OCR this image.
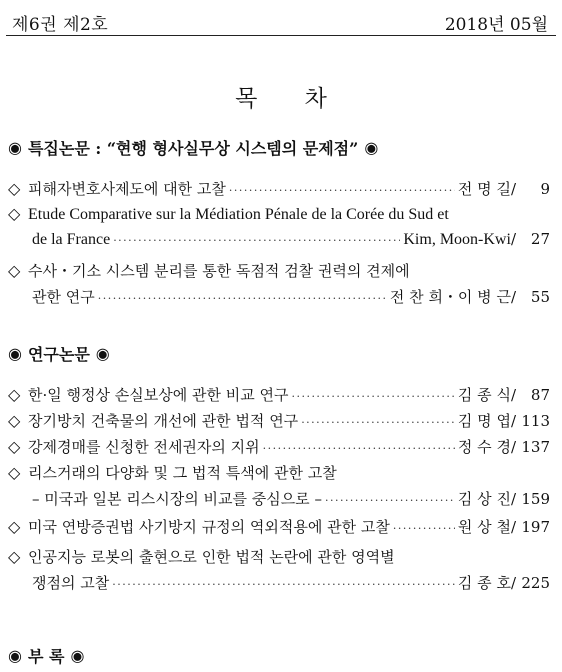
제6권 제2호	2018년 05월
목 차
◉ 특집논문 : “현행 형사실무상 시스템의 문제점” ◉
◇ 피해자변호사제도에 대한 고찰 ·····	전 명 길 /	9
◇ Etude Comparative sur la Médiation Pénale de la Corée du Sud et
de la France ·····	Kim, Moon-Kwi / 27
◇ 수사・기소 시스템 분리를 통한 독점적 검찰 권력의 견제에
관한 연구 ·····	전 찬 희・이 병 근 / 55
◉ 연구논문 ◉
◇ 한·일 행정상 손실보상에 관한 비교 연구 ·····	김 종 식 / 87
◇ 장기방치 건축물의 개선에 관한 법적 연구 ·····	김 명 엽 / 113
◇ 강제경매를 신청한 전세권자의 지위 ·····	정 수 경 / 137
◇ 리스거래의 다양화 및 그 법적 특색에 관한 고찰
– 미국과 일본 리스시장의 비교를 중심으로 – ·····	김 상 진 / 159
◇ 미국 연방증권법 사기방지 규정의 역외적용에 관한 고찰 ·····	원 상 철 / 197
◇ 인공지능 로봇의 출현으로 인한 법적 논란에 관한 영역별
쟁점의 고찰 ·····	김 종 호 / 225
◉ 부 록 ◉
